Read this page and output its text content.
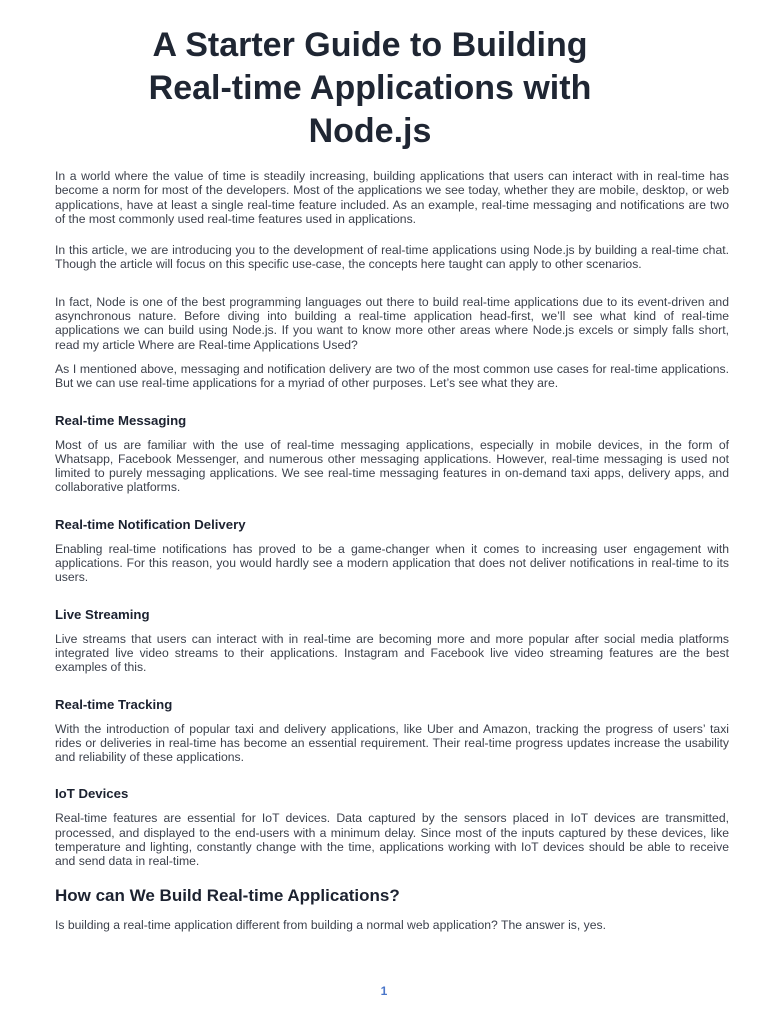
A Starter Guide to Building Real-time Applications with Node.js

In a world where the value of time is steadily increasing, building applications that users can interact with in real-time has become a norm for most of the developers. Most of the applications we see today, whether they are mobile, desktop, or web applications, have at least a single real-time feature included. As an example, real-time messaging and notifications are two of the most commonly used real-time features used in applications.

In this article, we are introducing you to the development of real-time applications using Node.js by building a real-time chat. Though the article will focus on this specific use-case, the concepts here taught can apply to other scenarios.

In fact, Node is one of the best programming languages out there to build real-time applications due to its event-driven and asynchronous nature. Before diving into building a real-time application head-first, we’ll see what kind of real-time applications we can build using Node.js. If you want to know more other areas where Node.js excels or simply falls short, read my article Where are Real-time Applications Used?

As I mentioned above, messaging and notification delivery are two of the most common use cases for real-time applications. But we can use real-time applications for a myriad of other purposes. Let’s see what they are.

Real-time Messaging

Most of us are familiar with the use of real-time messaging applications, especially in mobile devices, in the form of Whatsapp, Facebook Messenger, and numerous other messaging applications. However, real-time messaging is used not limited to purely messaging applications. We see real-time messaging features in on-demand taxi apps, delivery apps, and collaborative platforms.

Real-time Notification Delivery

Enabling real-time notifications has proved to be a game-changer when it comes to increasing user engagement with applications. For this reason, you would hardly see a modern application that does not deliver notifications in real-time to its users.

Live Streaming

Live streams that users can interact with in real-time are becoming more and more popular after social media platforms integrated live video streams to their applications. Instagram and Facebook live video streaming features are the best examples of this.

Real-time Tracking

With the introduction of popular taxi and delivery applications, like Uber and Amazon, tracking the progress of users’ taxi rides or deliveries in real-time has become an essential requirement. Their real-time progress updates increase the usability and reliability of these applications.

IoT Devices

Real-time features are essential for IoT devices. Data captured by the sensors placed in IoT devices are transmitted, processed, and displayed to the end-users with a minimum delay. Since most of the inputs captured by these devices, like temperature and lighting, constantly change with the time, applications working with IoT devices should be able to receive and send data in real-time.

How can We Build Real-time Applications?

Is building a real-time application different from building a normal web application? The answer is, yes.

1
